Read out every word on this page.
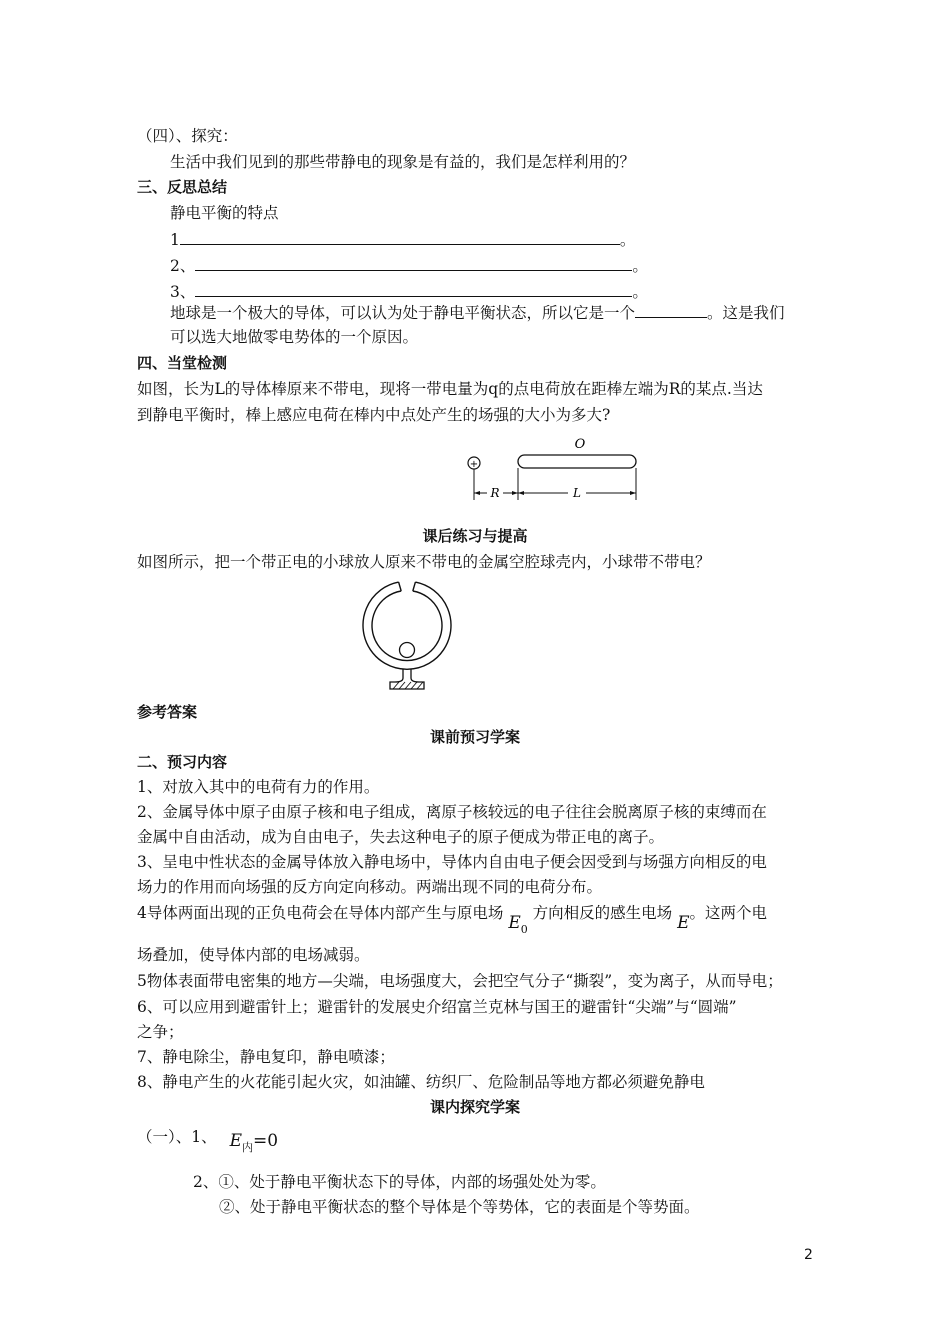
（四）、探究：
生活中我们见到的那些带静电的现象是有益的，我们是怎样利用的？
三、反思总结
静电平衡的特点
1	。
2、	。
3、	。
地球是一个极大的导体，可以认为处于静电平衡状态，所以它是一个	。这是我们
可以选大地做零电势体的一个原因。
四、当堂检测
如图，长为L的导体棒原来不带电，现将一带电量为q的点电荷放在距棒左端为R的某点.当达
到静电平衡时，棒上感应电荷在棒内中点处产生的场强的大小为多大?
+
O
R	L
课后练习与提高
如图所示，把一个带正电的小球放人原来不带电的金属空腔球壳内，小球带不带电？
参考答案
课前预习学案
二、预习内容
1、对放入其中的电荷有力的作用。
2、金属导体中原子由原子核和电子组成，离原子核较远的电子往往会脱离原子核的束缚而在
金属中自由活动，成为自由电子，失去这种电子的原子便成为带正电的离子。
3、呈电中性状态的金属导体放入静电场中，导体内自由电子便会因受到与场强方向相反的电
场力的作用而向场强的反方向定向移动。两端出现不同的电荷分布。
4导体两面出现的正负电荷会在导体内部产生与原电场 $E_0$ 方向相反的感生电场 E。这两个电
场叠加，使导体内部的电场减弱。
5物体表面带电密集的地方—尖端，电场强度大，会把空气分子“撕裂”，变为离子，从而导电；
6、可以应用到避雷针上；避雷针的发展史介绍富兰克林与国王的避雷针“尖端”与“圆端”
之争；
7、静电除尘，静电复印，静电喷漆；
8、静电产生的火花能引起火灾，如油罐、纺织厂、危险制品等地方都必须避免静电
课内探究学案
（一）、1、 $E_内=0$
2、①、处于静电平衡状态下的导体，内部的场强处处为零。
②、处于静电平衡状态的整个导体是个等势体，它的表面是个等势面。
2
